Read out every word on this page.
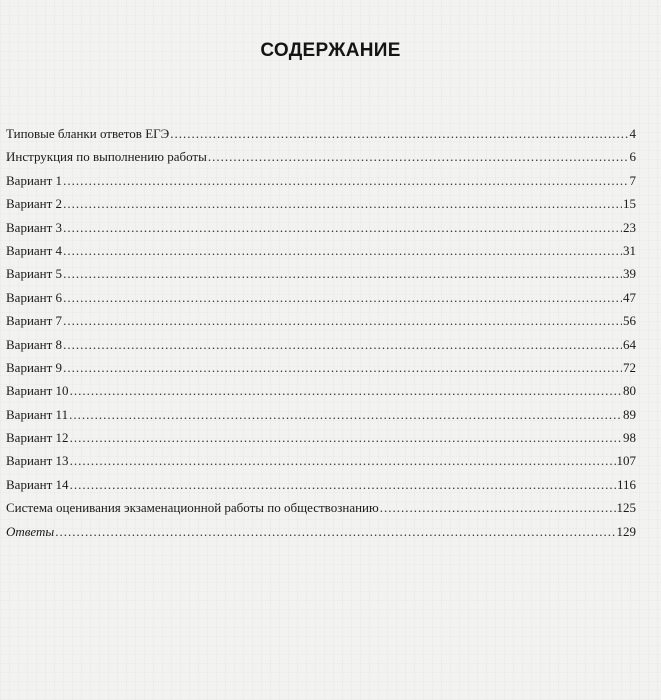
СОДЕРЖАНИЕ
Типовые бланки ответов ЕГЭ .....	4
Инструкция по выполнению работы .....	6
Вариант 1 .....	7
Вариант 2 .....	15
Вариант 3 .....	23
Вариант 4 .....	31
Вариант 5 .....	39
Вариант 6 .....	47
Вариант 7 .....	56
Вариант 8 .....	64
Вариант 9 .....	72
Вариант 10 .....	80
Вариант 11 .....	89
Вариант 12 .....	98
Вариант 13 .....	107
Вариант 14 .....	116
Система оценивания экзаменационной работы по обществознанию .....	125
Ответы .....	129
